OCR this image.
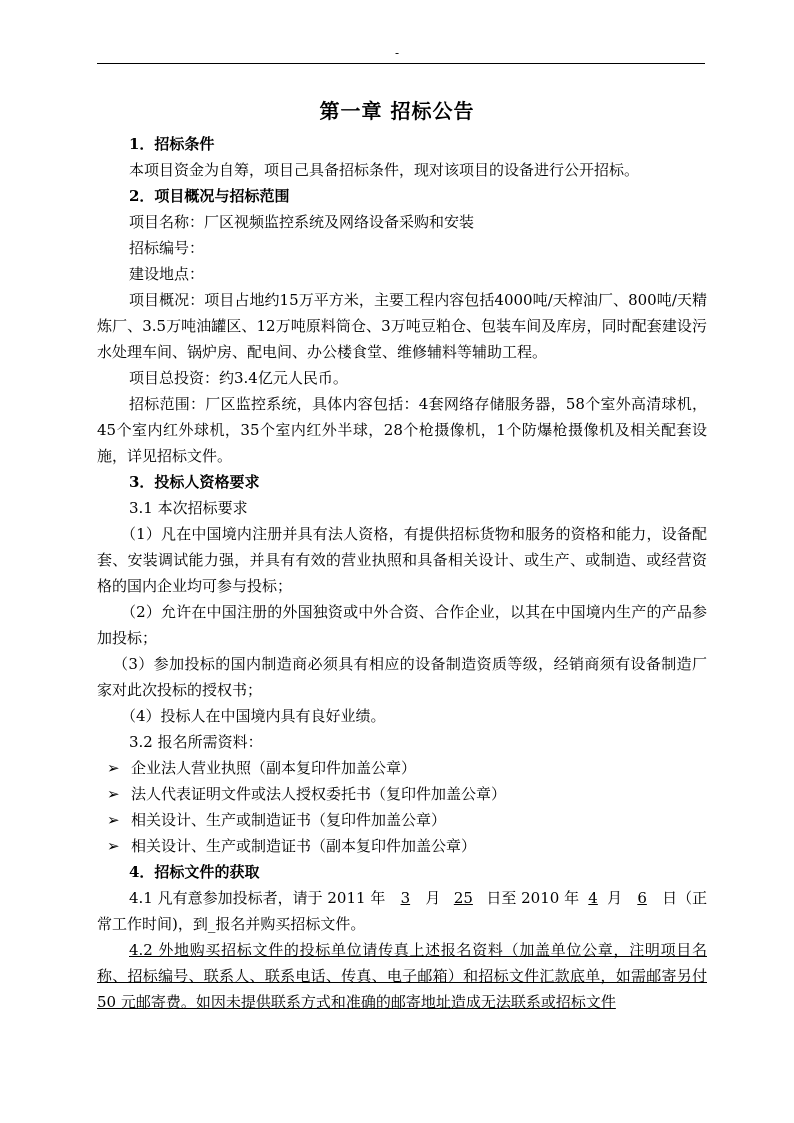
-
第一章 招标公告

1．招标条件

本项目资金为自筹，项目己具备招标条件，现对该项目的设备进行公开招标。

2．项目概况与招标范围

项目名称：厂区视频监控系统及网络设备采购和安装

招标编号：

建设地点：

项目概况：项目占地约15万平方米，主要工程内容包括4000吨/天榨油厂、800吨/天精炼厂、3.5万吨油罐区、12万吨原料筒仓、3万吨豆粕仓、包装车间及库房，同时配套建设污水处理车间、锅炉房、配电间、办公楼食堂、维修辅料等辅助工程。

项目总投资：约3.4亿元人民币。

招标范围：厂区监控系统，具体内容包括：4套网络存储服务器，58个室外高清球机，45个室内红外球机，35个室内红外半球，28个枪摄像机，1个防爆枪摄像机及相关配套设施，详见招标文件。

3．投标人资格要求

3.1 本次招标要求

（1）凡在中国境内注册并具有法人资格，有提供招标货物和服务的资格和能力，设备配套、安装调试能力强，并具有有效的营业执照和具备相关设计、或生产、或制造、或经营资格的国内企业均可参与投标；

（2）允许在中国注册的外国独资或中外合资、合作企业，以其在中国境内生产的产品参加投标；

（3）参加投标的国内制造商必须具有相应的设备制造资质等级，经销商须有设备制造厂家对此次投标的授权书；

（4）投标人在中国境内具有良好业绩。

3.2 报名所需资料：

➢ 企业法人营业执照（副本复印件加盖公章）

➢ 法人代表证明文件或法人授权委托书（复印件加盖公章）

➢ 相关设计、生产或制造证书（复印件加盖公章）

➢ 相关设计、生产或制造证书（副本复印件加盖公章）

4．招标文件的获取

4.1 凡有意参加投标者，请于 2011 年 3 月 25 日至 2010 年 4 月 6 日（正

常工作时间)，到_报名并购买招标文件。

4.2 外地购买招标文件的投标单位请传真上述报名资料（加盖单位公章，注明项目名称、招标编号、联系人、联系电话、传真、电子邮箱）和招标文件汇款底单，如需邮寄另付 50 元邮寄费。如因未提供联系方式和准确的邮寄地址造成无法联系或招标文件
